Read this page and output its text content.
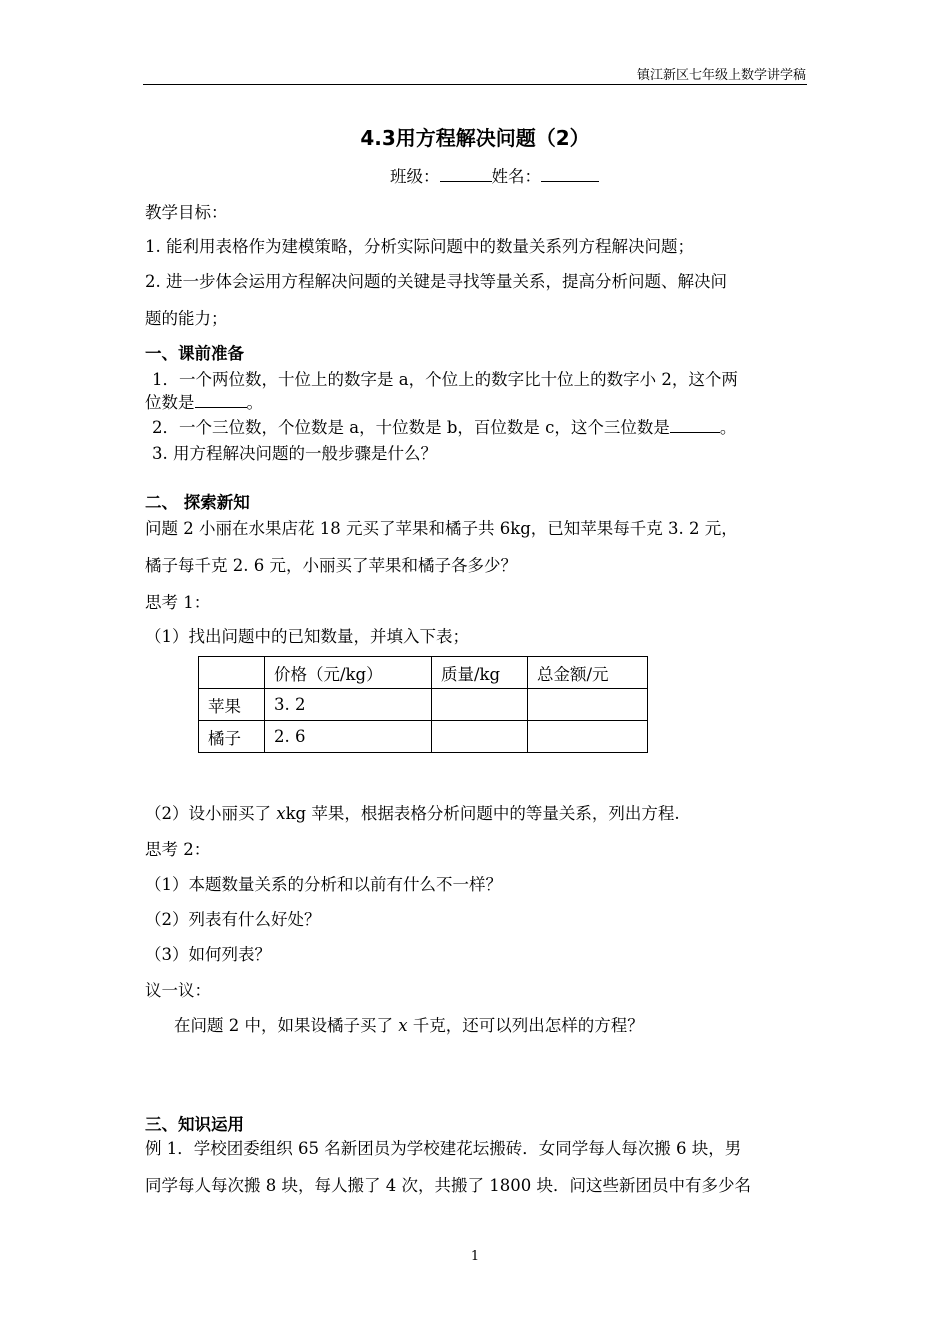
镇江新区七年级上数学讲学稿
4.3用方程解决问题（2）
班级：	姓名：
教学目标：
1. 能利用表格作为建模策略，分析实际问题中的数量关系列方程解决问题；
2. 进一步体会运用方程解决问题的关键是寻找等量关系，提高分析问题、解决问
题的能力；
一、课前准备
1．一个两位数，十位上的数字是 a，个位上的数字比十位上的数字小 2，这个两
位数是	。
2．一个三位数，个位数是 a，十位数是 b，百位数是 c，这个三位数是	。
3. 用方程解决问题的一般步骤是什么？
二、 探索新知
问题 2 小丽在水果店花 18 元买了苹果和橘子共 6kg，已知苹果每千克 3. 2 元，
橘子每千克 2. 6 元，小丽买了苹果和橘子各多少？
思考 1：
（1）找出问题中的已知数量，并填入下表；
	价格（元/kg）	质量/kg	总金额/元
苹果	3. 2		
橘子	2. 6		
（2）设小丽买了 xkg 苹果，根据表格分析问题中的等量关系，列出方程.
思考 2：
（1）本题数量关系的分析和以前有什么不一样？
（2）列表有什么好处？
（3）如何列表？
议一议：
在问题 2 中，如果设橘子买了 x 千克，还可以列出怎样的方程？
三、知识运用
例 1．学校团委组织 65 名新团员为学校建花坛搬砖．女同学每人每次搬 6 块，男
同学每人每次搬 8 块，每人搬了 4 次，共搬了 1800 块．问这些新团员中有多少名
1
